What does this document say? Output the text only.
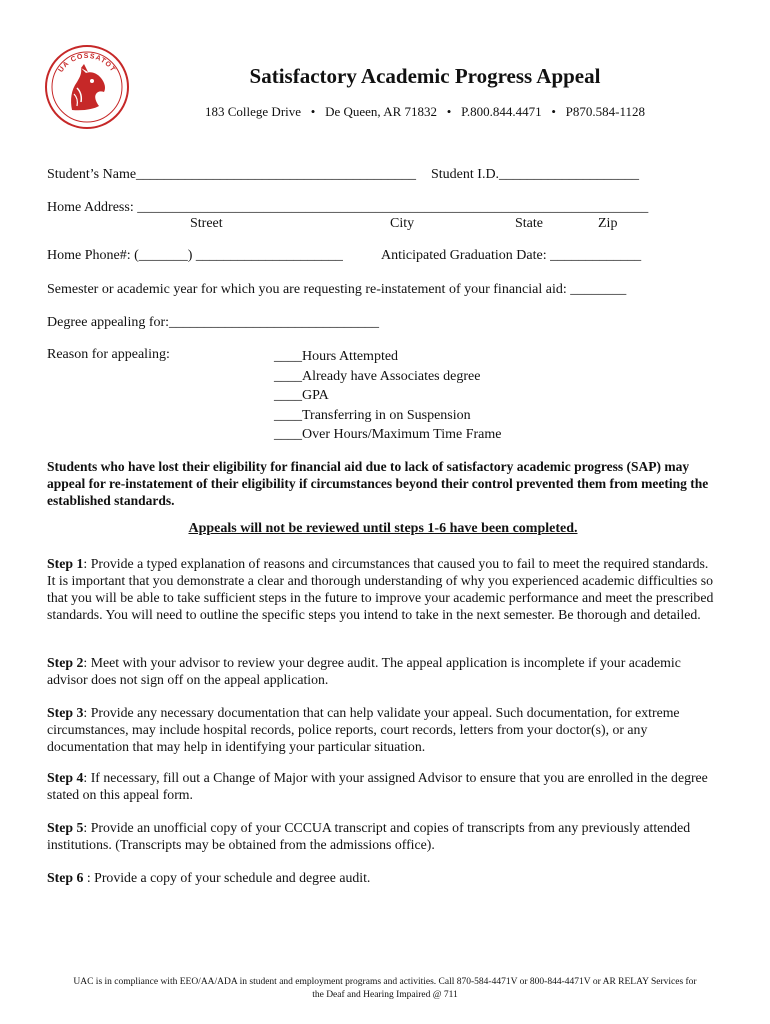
UA COSSATOT	Satisfactory Academic Progress Appeal
183 College Drive   •   De Queen, AR 71832   •   P.800.844.4471   •   P870.584-1128
Student’s Name________________________________________ Student I.D.____________________
Home Address: _________________________________________________________________________
Street	City	State	Zip
Home Phone#: (_______) _____________________	Anticipated Graduation Date: _____________
Semester or academic year for which you are requesting re-instatement of your financial aid: ________
Degree appealing for:______________________________
Reason for appealing:	____Hours Attempted
____Already have Associates degree
____GPA
____Transferring in on Suspension
____Over Hours/Maximum Time Frame
Students who have lost their eligibility for financial aid due to lack of satisfactory academic progress (SAP) may appeal for re-instatement of their eligibility if circumstances beyond their control prevented them from meeting the established standards.
Appeals will not be reviewed until steps 1-6 have been completed.
Step 1: Provide a typed explanation of reasons and circumstances that caused you to fail to meet the required standards. It is important that you demonstrate a clear and thorough understanding of why you experienced academic difficulties so that you will be able to take sufficient steps in the future to improve your academic performance and meet the prescribed standards. You will need to outline the specific steps you intend to take in the next semester. Be thorough and detailed.
Step 2: Meet with your advisor to review your degree audit. The appeal application is incomplete if your academic advisor does not sign off on the appeal application.
Step 3: Provide any necessary documentation that can help validate your appeal. Such documentation, for extreme circumstances, may include hospital records, police reports, court records, letters from your doctor(s), or any documentation that may help in identifying your particular situation.
Step 4: If necessary, fill out a Change of Major with your assigned Advisor to ensure that you are enrolled in the degree stated on this appeal form.
Step 5: Provide an unofficial copy of your CCCUA transcript and copies of transcripts from any previously attended institutions. (Transcripts may be obtained from the admissions office).
Step 6 : Provide a copy of your schedule and degree audit.
UAC is in compliance with EEO/AA/ADA in student and employment programs and activities. Call 870-584-4471V or 800-844-4471V or AR RELAY Services for
the Deaf and Hearing Impaired @ 711
